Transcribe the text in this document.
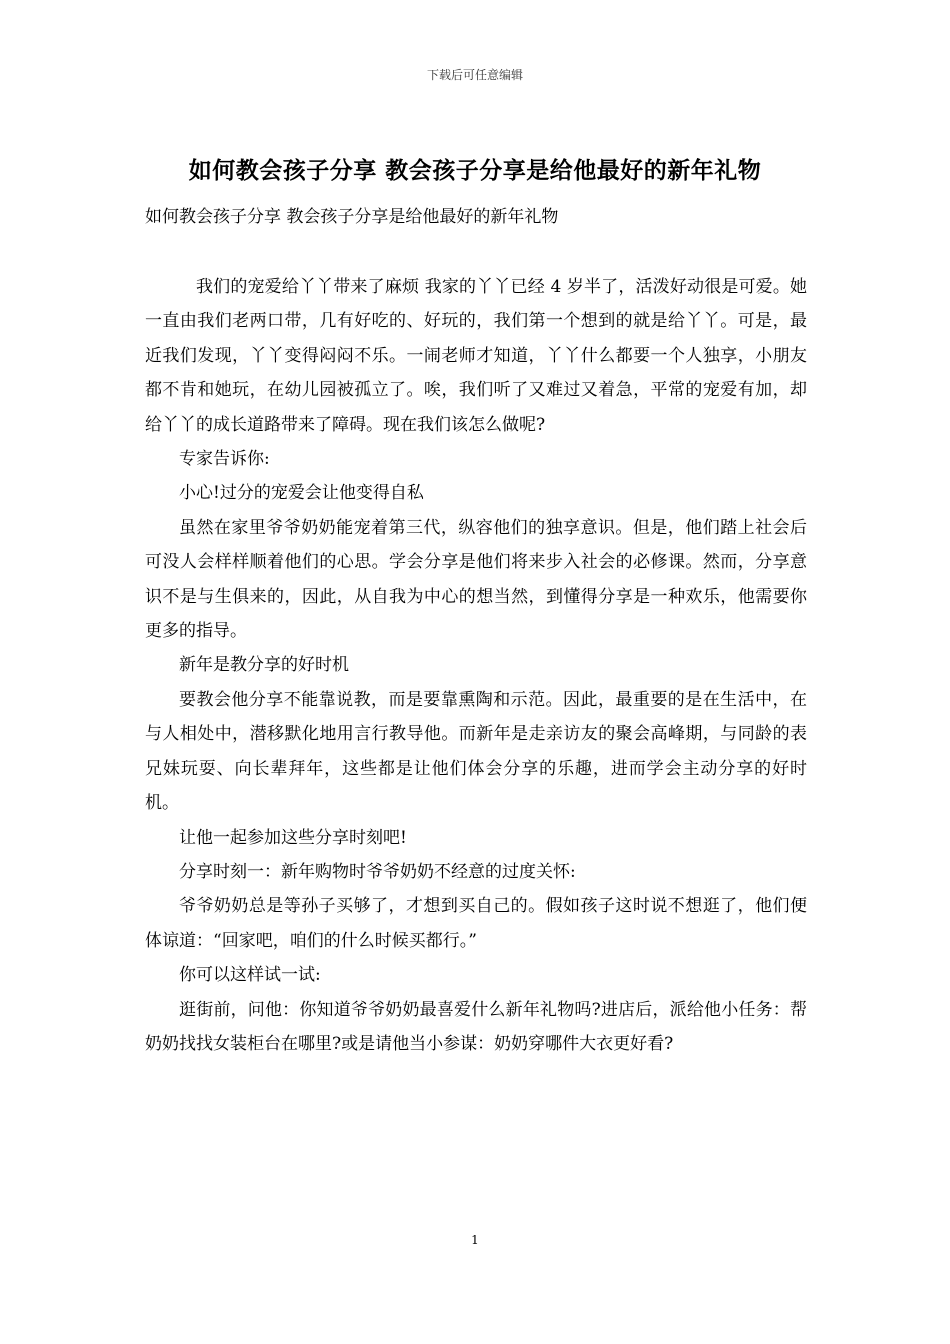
下载后可任意编辑
如何教会孩子分享 教会孩子分享是给他最好的新年礼物
如何教会孩子分享 教会孩子分享是给他最好的新年礼物

我们的宠爱给丫丫带来了麻烦 我家的丫丫已经 4 岁半了，活泼好动很是可爱。她一直由我们老两口带，几有好吃的、好玩的，我们第一个想到的就是给丫丫。可是，最近我们发现，丫丫变得闷闷不乐。一闹老师才知道，丫丫什么都要一个人独享，小朋友都不肯和她玩，在幼儿园被孤立了。唉，我们听了又难过又着急，平常的宠爱有加，却给丫丫的成长道路带来了障碍。现在我们该怎么做呢?

专家告诉你:

小心!过分的宠爱会让他变得自私

虽然在家里爷爷奶奶能宠着第三代，纵容他们的独享意识。但是，他们踏上社会后可没人会样样顺着他们的心思。学会分享是他们将来步入社会的必修课。然而，分享意识不是与生俱来的，因此，从自我为中心的想当然，到懂得分享是一种欢乐，他需要你更多的指导。

新年是教分享的好时机

要教会他分享不能靠说教，而是要靠熏陶和示范。因此，最重要的是在生活中，在与人相处中，潜移默化地用言行教导他。而新年是走亲访友的聚会高峰期，与同龄的表兄妹玩耍、向长辈拜年，这些都是让他们体会分享的乐趣，进而学会主动分享的好时机。

让他一起参加这些分享时刻吧!

分享时刻一：新年购物时爷爷奶奶不经意的过度关怀:

爷爷奶奶总是等孙子买够了，才想到买自己的。假如孩子这时说不想逛了，他们便体谅道：“回家吧，咱们的什么时候买都行。”

你可以这样试一试:

逛街前，问他：你知道爷爷奶奶最喜爱什么新年礼物吗?进店后，派给他小任务：帮奶奶找找女装柜台在哪里?或是请他当小参谋：奶奶穿哪件大衣更好看?

1
